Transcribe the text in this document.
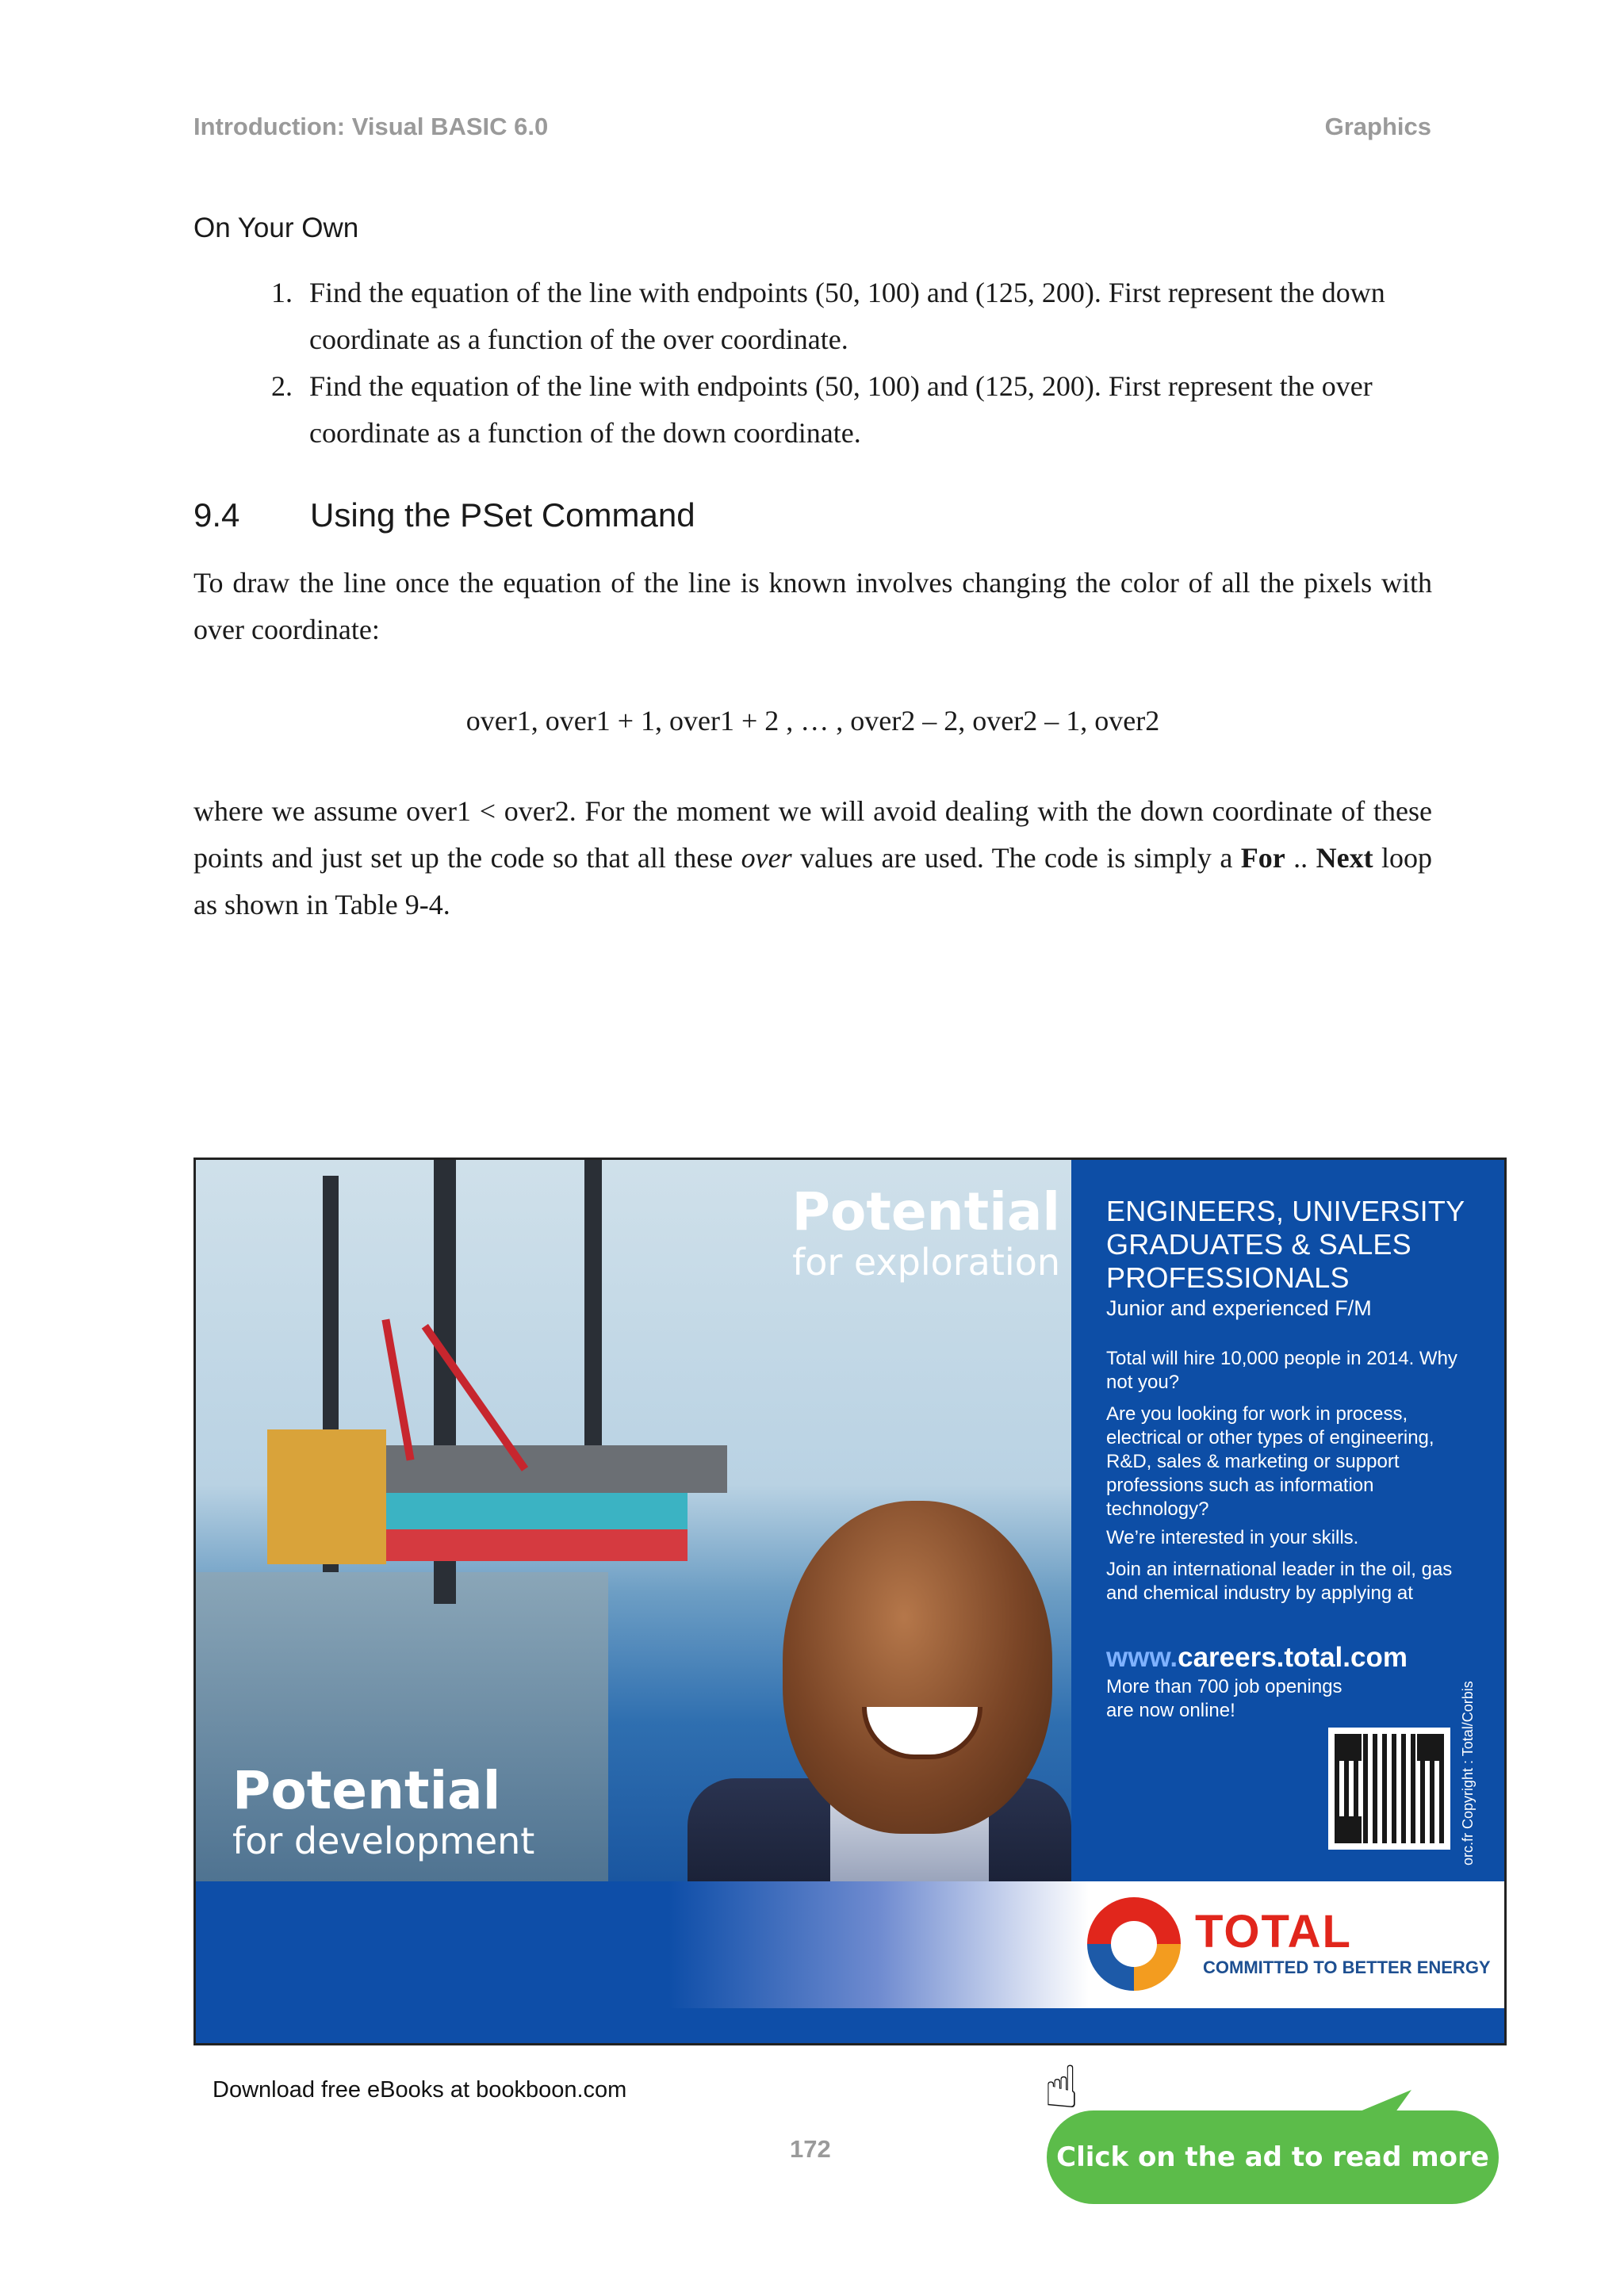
Introduction: Visual BASIC 6.0	Graphics
On Your Own
1. Find the equation of the line with endpoints (50, 100) and (125, 200). First represent the down coordinate as a function of the over coordinate.
2. Find the equation of the line with endpoints (50, 100) and (125, 200). First represent the over coordinate as a function of the down coordinate.
9.4 Using the PSet Command
To draw the line once the equation of the line is known involves changing the color of all the pixels with over coordinate:
over1, over1 + 1, over1 + 2 , … , over2 – 2, over2 – 1, over2
where we assume over1 < over2. For the moment we will avoid dealing with the down coordinate of these points and just set up the code so that all these over values are used. The code is simply a For .. Next loop as shown in Table 9-4.
Potential
for exploration
Potential
for development
ENGINEERS, UNIVERSITY GRADUATES & SALES PROFESSIONALS
Junior and experienced F/M
Total will hire 10,000 people in 2014. Why not you?
Are you looking for work in process, electrical or other types of engineering, R&D, sales & marketing or support professions such as information technology?
We’re interested in your skills.
Join an international leader in the oil, gas and chemical industry by applying at
www.careers.total.com
More than 700 job openings are now online!	orc.fr Copyright : Total/Corbis
TOTAL
COMMITTED TO BETTER ENERGY
Download free eBooks at bookboon.com
172
☝
Click on the ad to read more
